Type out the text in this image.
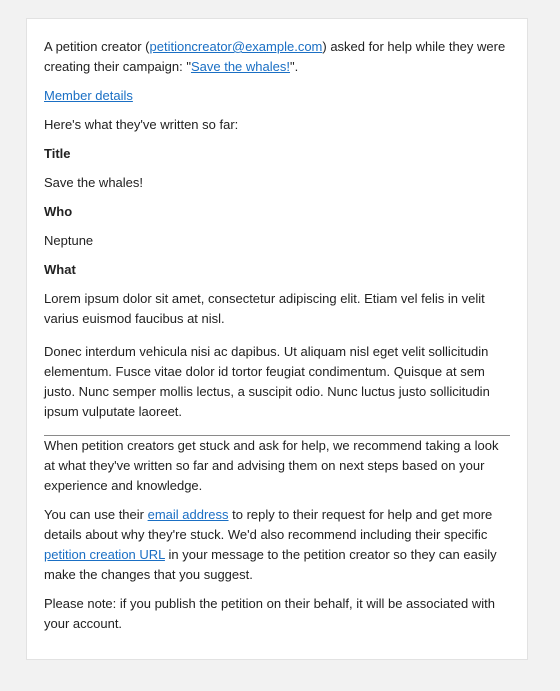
A petition creator (petitioncreator@example.com) asked for help while they were creating their campaign: "Save the whales!".

Member details

Here's what they've written so far:

Title

Save the whales!

Who

Neptune

What

Lorem ipsum dolor sit amet, consectetur adipiscing elit. Etiam vel felis in velit varius euismod faucibus at nisl.

Donec interdum vehicula nisi ac dapibus. Ut aliquam nisl eget velit sollicitudin elementum. Fusce vitae dolor id tortor feugiat condimentum. Quisque at sem justo. Nunc semper mollis lectus, a suscipit odio. Nunc luctus justo sollicitudin ipsum vulputate laoreet.

When petition creators get stuck and ask for help, we recommend taking a look at what they've written so far and advising them on next steps based on your experience and knowledge.

You can use their email address to reply to their request for help and get more details about why they're stuck. We'd also recommend including their specific petition creation URL in your message to the petition creator so they can easily make the changes that you suggest.

Please note: if you publish the petition on their behalf, it will be associated with your account.
